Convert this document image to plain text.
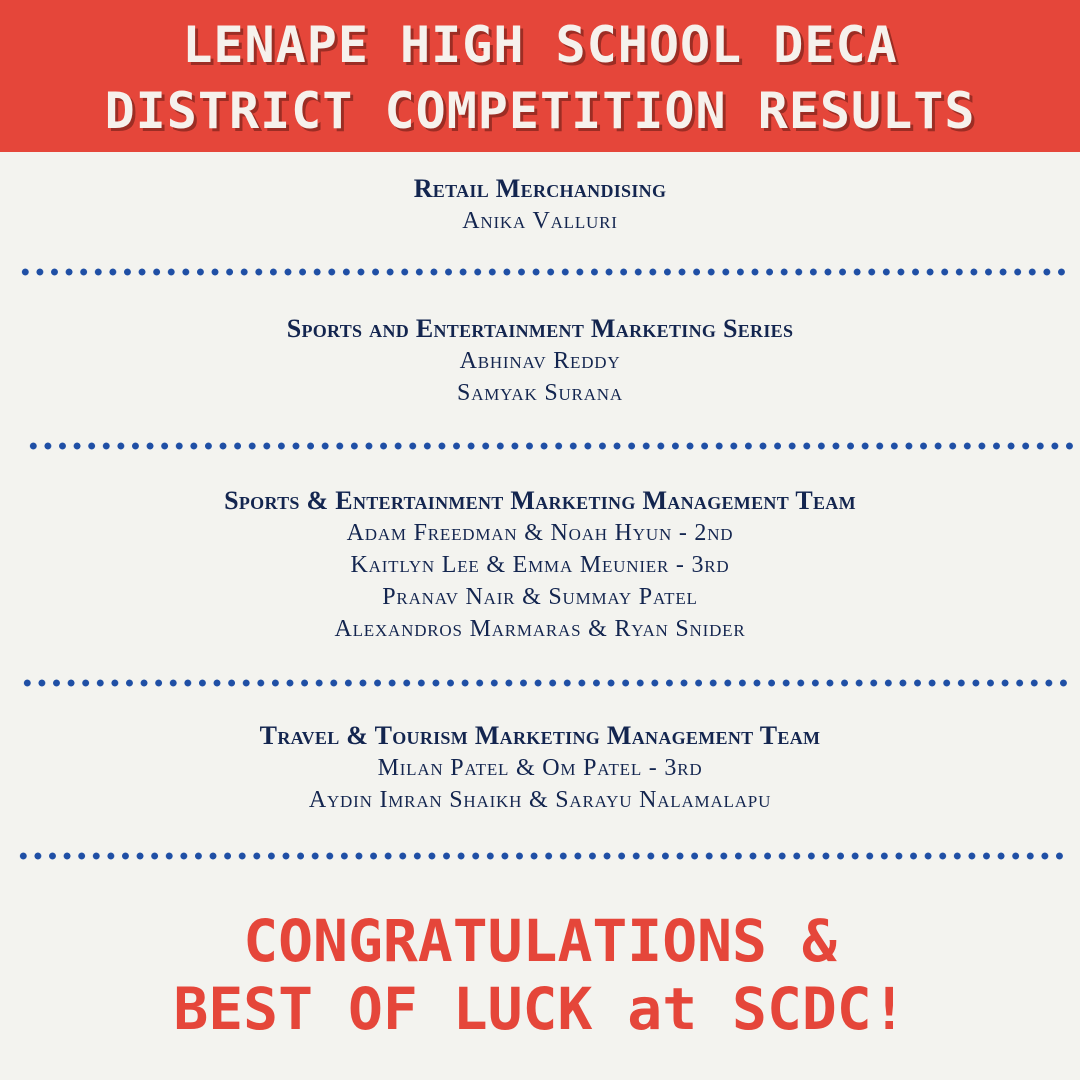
LENAPE HIGH SCHOOL DECA
DISTRICT COMPETITION RESULTS
Retail Merchandising
Anika Valluri
Sports and Entertainment Marketing Series
Abhinav Reddy
Samyak Surana
Sports & Entertainment Marketing Management Team
Adam Freedman & Noah Hyun - 2nd
Kaitlyn Lee & Emma Meunier - 3rd
Pranav Nair & Summay Patel
Alexandros Marmaras & Ryan Snider
Travel & Tourism Marketing Management Team
Milan Patel & Om Patel - 3rd
Aydin Imran Shaikh & Sarayu Nalamalapu
CONGRATULATIONS &
BEST OF LUCK at SCDC!
